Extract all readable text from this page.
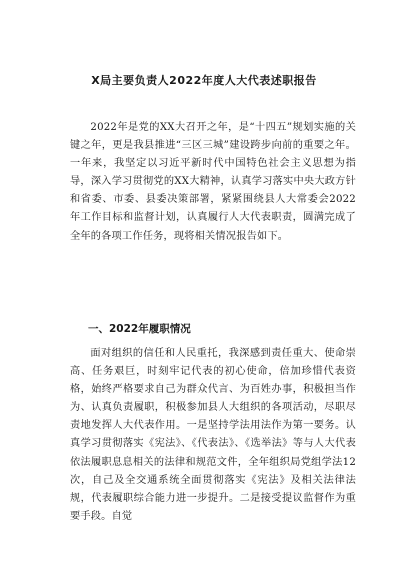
X局主要负责人2022年度人大代表述职报告
2022年是党的XX大召开之年，是“十四五”规划实施的关键之年，更是我县推进“三区三城”建设跨步向前的重要之年。一年来，我坚定以习近平新时代中国特色社会主义思想为指导，深入学习贯彻党的XX大精神，认真学习落实中央大政方针和省委、市委、县委决策部署，紧紧围绕县人大常委会2022年工作目标和监督计划，认真履行人大代表职责，圆满完成了全年的各项工作任务，现将相关情况报告如下。
一、2022年履职情况
面对组织的信任和人民重托，我深感到责任重大、使命崇高、任务艰巨，时刻牢记代表的初心使命，倍加珍惜代表资格，始终严格要求自己为群众代言、为百姓办事，积极担当作为、认真负责履职，积极参加县人大组织的各项活动，尽职尽责地发挥人大代表作用。一是坚持学法用法作为第一要务。认真学习贯彻落实《宪法》、《代表法》、《选举法》等与人大代表依法履职息息相关的法律和规范文件，全年组织局党组学法12次，自己及全交通系统全面贯彻落实《宪法》及相关法律法规，代表履职综合能力进一步提升。二是接受提议监督作为重要手段。自觉
